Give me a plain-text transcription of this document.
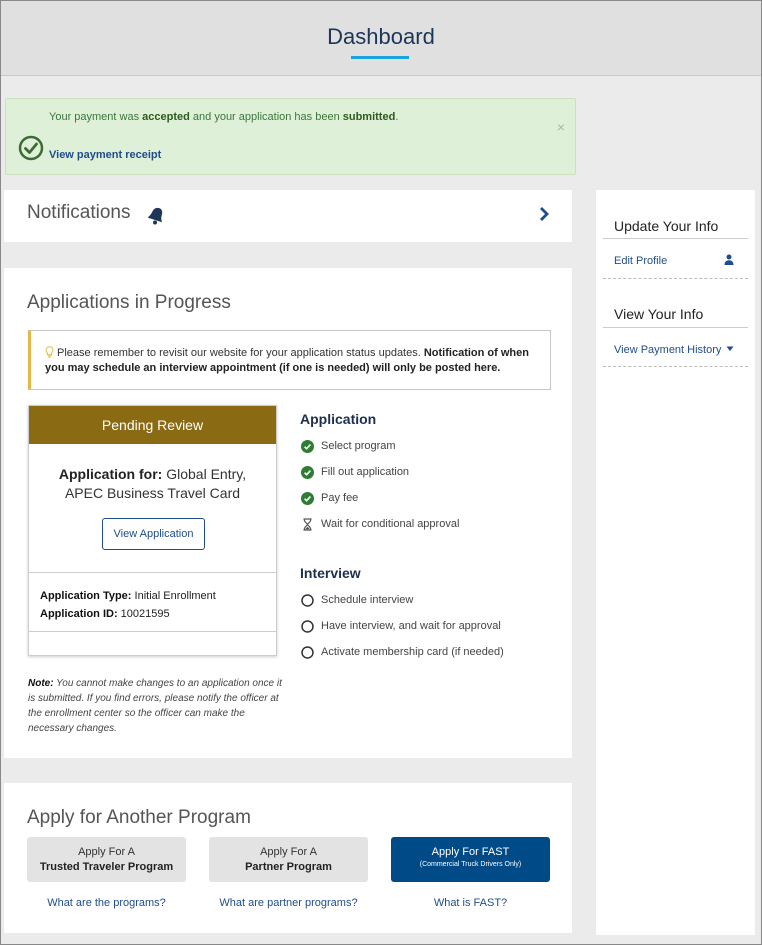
Dashboard
Your payment was accepted and your application has been submitted.
View payment receipt
×
Notifications
Applications in Progress
Please remember to revisit our website for your application status updates. Notification of when you may schedule an interview appointment (if one is needed) will only be posted here.
Pending Review
Application for: Global Entry, APEC Business Travel Card
View Application
Application Type: Initial Enrollment
Application ID: 10021595
Note: You cannot make changes to an application once it is submitted. If you find errors, please notify the officer at the enrollment center so the officer can make the necessary changes.
Application
Select program
Fill out application
Pay fee
Wait for conditional approval
Interview
Schedule interview
Have interview, and wait for approval
Activate membership card (if needed)
Apply for Another Program
Apply For A
Trusted Traveler Program
Apply For A
Partner Program
Apply For FAST
(Commercial Truck Drivers Only)
What are the programs?	What are partner programs?	What is FAST?
Update Your Info
Edit Profile
View Your Info
View Payment History
